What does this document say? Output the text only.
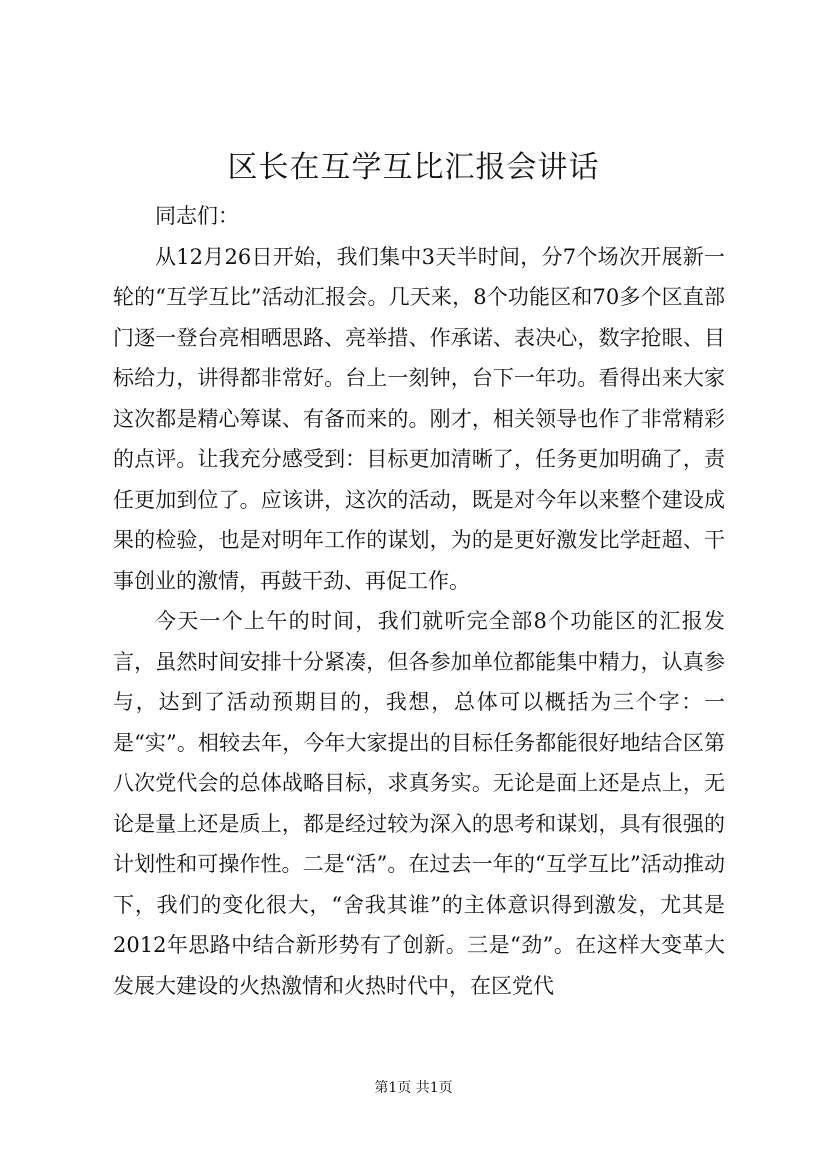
区长在互学互比汇报会讲话

同志们：

从12月26日开始，我们集中3天半时间，分7个场次开展新一轮的“互学互比”活动汇报会。几天来，8个功能区和70多个区直部门逐一登台亮相晒思路、亮举措、作承诺、表决心，数字抢眼、目标给力，讲得都非常好。台上一刻钟，台下一年功。看得出来大家这次都是精心筹谋、有备而来的。刚才，相关领导也作了非常精彩的点评。让我充分感受到：目标更加清晰了，任务更加明确了，责任更加到位了。应该讲，这次的活动，既是对今年以来整个建设成果的检验，也是对明年工作的谋划，为的是更好激发比学赶超、干事创业的激情，再鼓干劲、再促工作。

今天一个上午的时间，我们就听完全部8个功能区的汇报发言，虽然时间安排十分紧凑，但各参加单位都能集中精力，认真参与，达到了活动预期目的，我想，总体可以概括为三个字：一是“实”。相较去年，今年大家提出的目标任务都能很好地结合区第八次党代会的总体战略目标，求真务实。无论是面上还是点上，无论是量上还是质上，都是经过较为深入的思考和谋划，具有很强的计划性和可操作性。二是“活”。在过去一年的“互学互比”活动推动下，我们的变化很大，“舍我其谁”的主体意识得到激发，尤其是2012年思路中结合新形势有了创新。三是“劲”。在这样大变革大发展大建设的火热激情和火热时代中，在区党代

第1页 共1页
